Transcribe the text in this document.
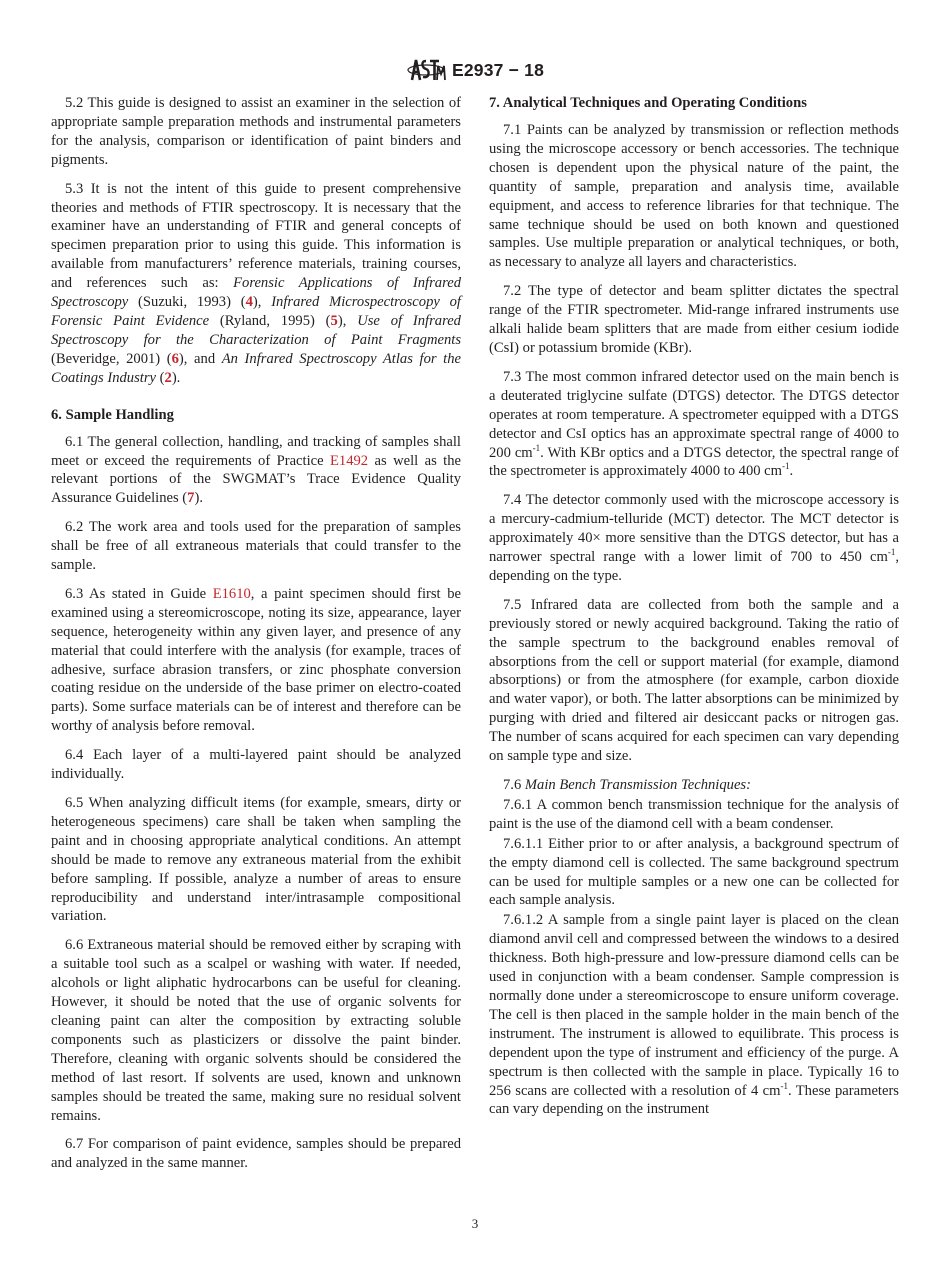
E2937 − 18

5.2 This guide is designed to assist an examiner in the selection of appropriate sample preparation methods and instrumental parameters for the analysis, comparison or identification of paint binders and pigments.

5.3 It is not the intent of this guide to present comprehensive theories and methods of FTIR spectroscopy. It is necessary that the examiner have an understanding of FTIR and general concepts of specimen preparation prior to using this guide. This information is available from manufacturers’ reference materials, training courses, and references such as: Forensic Applications of Infrared Spectroscopy (Suzuki, 1993) (4), Infrared Microspectroscopy of Forensic Paint Evidence (Ryland, 1995) (5), Use of Infrared Spectroscopy for the Characterization of Paint Fragments (Beveridge, 2001) (6), and An Infrared Spectroscopy Atlas for the Coatings Industry (2).

6. Sample Handling

6.1 The general collection, handling, and tracking of samples shall meet or exceed the requirements of Practice E1492 as well as the relevant portions of the SWGMAT’s Trace Evidence Quality Assurance Guidelines (7).

6.2 The work area and tools used for the preparation of samples shall be free of all extraneous materials that could transfer to the sample.

6.3 As stated in Guide E1610, a paint specimen should first be examined using a stereomicroscope, noting its size, appearance, layer sequence, heterogeneity within any given layer, and presence of any material that could interfere with the analysis (for example, traces of adhesive, surface abrasion transfers, or zinc phosphate conversion coating residue on the underside of the base primer on electro-coated parts). Some surface materials can be of interest and therefore can be worthy of analysis before removal.

6.4 Each layer of a multi-layered paint should be analyzed individually.

6.5 When analyzing difficult items (for example, smears, dirty or heterogeneous specimens) care shall be taken when sampling the paint and in choosing appropriate analytical conditions. An attempt should be made to remove any extraneous material from the exhibit before sampling. If possible, analyze a number of areas to ensure reproducibility and understand inter/intrasample compositional variation.

6.6 Extraneous material should be removed either by scraping with a suitable tool such as a scalpel or washing with water. If needed, alcohols or light aliphatic hydrocarbons can be useful for cleaning. However, it should be noted that the use of organic solvents for cleaning paint can alter the composition by extracting soluble components such as plasticizers or dissolve the paint binder. Therefore, cleaning with organic solvents should be considered the method of last resort. If solvents are used, known and unknown samples should be treated the same, making sure no residual solvent remains.

6.7 For comparison of paint evidence, samples should be prepared and analyzed in the same manner.

7. Analytical Techniques and Operating Conditions

7.1 Paints can be analyzed by transmission or reflection methods using the microscope accessory or bench accessories. The technique chosen is dependent upon the physical nature of the paint, the quantity of sample, preparation and analysis time, available equipment, and access to reference libraries for that technique. The same technique should be used on both known and questioned samples. Use multiple preparation or analytical techniques, or both, as necessary to analyze all layers and characteristics.

7.2 The type of detector and beam splitter dictates the spectral range of the FTIR spectrometer. Mid-range infrared instruments use alkali halide beam splitters that are made from either cesium iodide (CsI) or potassium bromide (KBr).

7.3 The most common infrared detector used on the main bench is a deuterated triglycine sulfate (DTGS) detector. The DTGS detector operates at room temperature. A spectrometer equipped with a DTGS detector and CsI optics has an approximate spectral range of 4000 to 200 $cm^{-1}$. With KBr optics and a DTGS detector, the spectral range of the spectrometer is approximately 4000 to 400 $cm^{-1}$.

7.4 The detector commonly used with the microscope accessory is a mercury-cadmium-telluride (MCT) detector. The MCT detector is approximately 40× more sensitive than the DTGS detector, but has a narrower spectral range with a lower limit of 700 to 450 $cm^{-1}$, depending on the type.

7.5 Infrared data are collected from both the sample and a previously stored or newly acquired background. Taking the ratio of the sample spectrum to the background enables removal of absorptions from the cell or support material (for example, diamond absorptions) or from the atmosphere (for example, carbon dioxide and water vapor), or both. The latter absorptions can be minimized by purging with dried and filtered air desiccant packs or nitrogen gas. The number of scans acquired for each specimen can vary depending on sample type and size.

7.6 Main Bench Transmission Techniques:

7.6.1 A common bench transmission technique for the analysis of paint is the use of the diamond cell with a beam condenser.

7.6.1.1 Either prior to or after analysis, a background spectrum of the empty diamond cell is collected. The same background spectrum can be used for multiple samples or a new one can be collected for each sample analysis.

7.6.1.2 A sample from a single paint layer is placed on the clean diamond anvil cell and compressed between the windows to a desired thickness. Both high-pressure and low-pressure diamond cells can be used in conjunction with a beam condenser. Sample compression is normally done under a stereomicroscope to ensure uniform coverage. The cell is then placed in the sample holder in the main bench of the instrument. The instrument is allowed to equilibrate. This process is dependent upon the type of instrument and efficiency of the purge. A spectrum is then collected with the sample in place. Typically 16 to 256 scans are collected with a resolution of 4 $cm^{-1}$. These parameters can vary depending on the instrument

3
